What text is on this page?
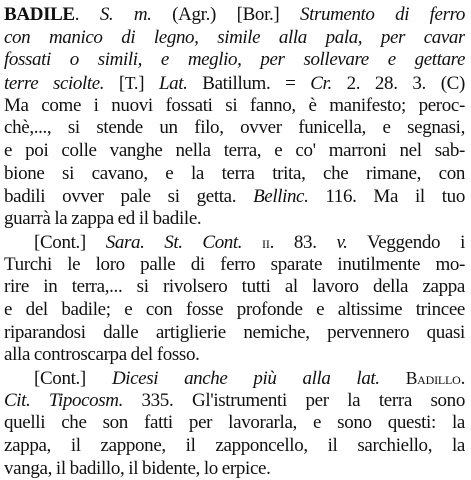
BADILE. S. m. (Agr.) [Bor.] Strumento di ferro
con manico di legno, simile alla pala, per cavar
fossati o simili, e meglio, per sollevare e gettare
terre sciolte. [T.] Lat. Batillum. = Cr. 2. 28. 3. (C)
Ma come i nuovi fossati si fanno, è manifesto; peroc-
chè,..., si stende un filo, ovver funicella, e segnasi,
e poi colle vanghe nella terra, e co' marroni nel sab-
bione si cavano, e la terra trita, che rimane, con
badili ovver pale si getta. Bellinc. 116. Ma il tuo
guarrà la zappa ed il badile.
[Cont.] Sara. St. Cont. ii. 83. v. Veggendo i
Turchi le loro palle di ferro sparate inutilmente mo-
rire in terra,... si rivolsero tutti al lavoro della zappa
e del badile; e con fosse profonde e altissime trincee
riparandosi dalle artiglierie nemiche, pervennero quasi
alla controscarpa del fosso.
[Cont.] Dicesi anche più alla lat. Badillo.
Cit. Tipocosm. 335. Gl'istrumenti per la terra sono
quelli che son fatti per lavorarla, e sono questi: la
zappa, il zappone, il zapponcello, il sarchiello, la
vanga, il badillo, il bidente, lo erpice.
